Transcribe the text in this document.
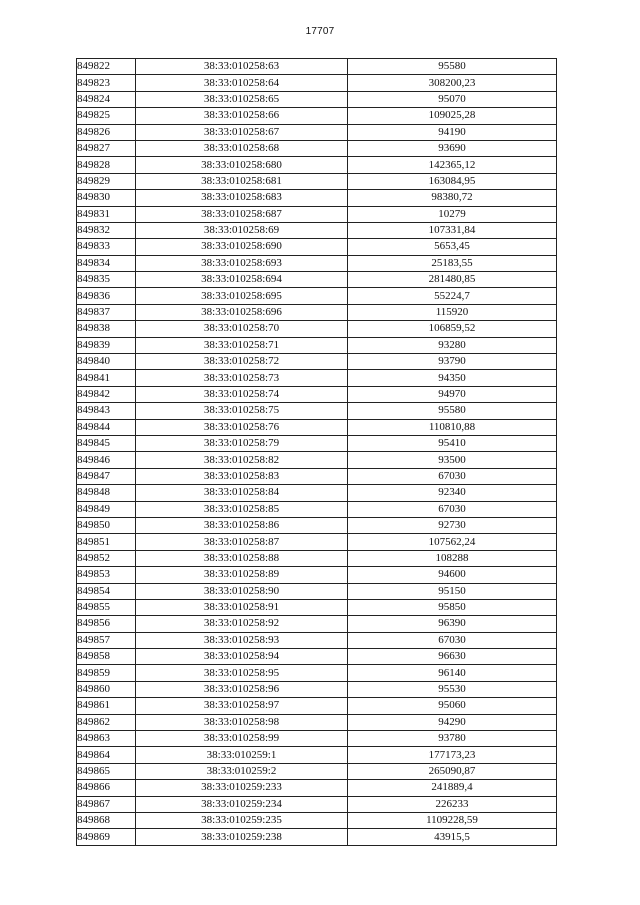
17707
849822	38:33:010258:63	95580
849823	38:33:010258:64	308200,23
849824	38:33:010258:65	95070
849825	38:33:010258:66	109025,28
849826	38:33:010258:67	94190
849827	38:33:010258:68	93690
849828	38:33:010258:680	142365,12
849829	38:33:010258:681	163084,95
849830	38:33:010258:683	98380,72
849831	38:33:010258:687	10279
849832	38:33:010258:69	107331,84
849833	38:33:010258:690	5653,45
849834	38:33:010258:693	25183,55
849835	38:33:010258:694	281480,85
849836	38:33:010258:695	55224,7
849837	38:33:010258:696	115920
849838	38:33:010258:70	106859,52
849839	38:33:010258:71	93280
849840	38:33:010258:72	93790
849841	38:33:010258:73	94350
849842	38:33:010258:74	94970
849843	38:33:010258:75	95580
849844	38:33:010258:76	110810,88
849845	38:33:010258:79	95410
849846	38:33:010258:82	93500
849847	38:33:010258:83	67030
849848	38:33:010258:84	92340
849849	38:33:010258:85	67030
849850	38:33:010258:86	92730
849851	38:33:010258:87	107562,24
849852	38:33:010258:88	108288
849853	38:33:010258:89	94600
849854	38:33:010258:90	95150
849855	38:33:010258:91	95850
849856	38:33:010258:92	96390
849857	38:33:010258:93	67030
849858	38:33:010258:94	96630
849859	38:33:010258:95	96140
849860	38:33:010258:96	95530
849861	38:33:010258:97	95060
849862	38:33:010258:98	94290
849863	38:33:010258:99	93780
849864	38:33:010259:1	177173,23
849865	38:33:010259:2	265090,87
849866	38:33:010259:233	241889,4
849867	38:33:010259:234	226233
849868	38:33:010259:235	1109228,59
849869	38:33:010259:238	43915,5
